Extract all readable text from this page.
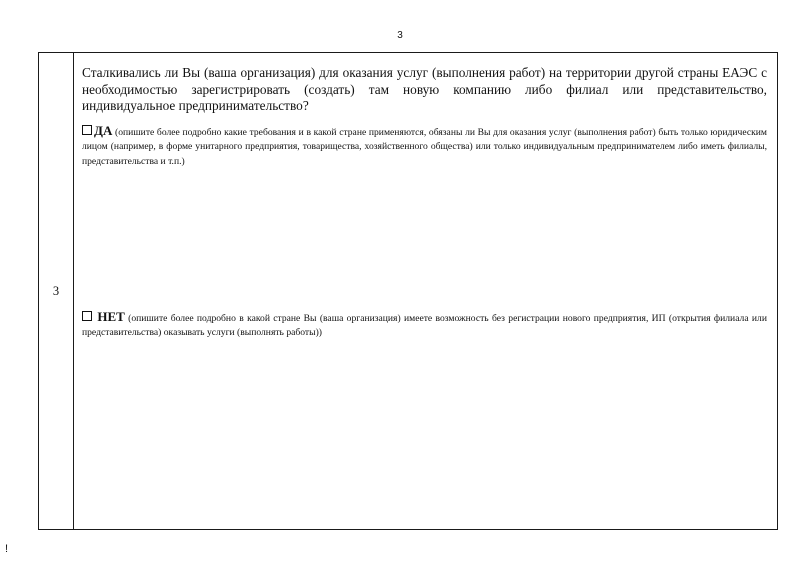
3
3	

Сталкивались ли Вы (ваша организация) для оказания услуг (выполнения работ) на территории другой страны ЕАЭС с необходимостью зарегистрировать (создать) там новую компанию либо филиал или представительство, индивидуальное предпринимательство?

ДА (опишите более подробно какие требования и в какой стране применяются, обязаны ли Вы для оказания услуг (выполнения работ) быть только юридическим лицом (например, в форме унитарного предприятия, товарищества, хозяйственного общества) или только индивидуальным предпринимателем либо иметь филиалы, представительства и т.п.)

НЕТ (опишите более подробно в какой стране Вы (ваша организация) имеете возможность без регистрации нового предприятия, ИП (открытия филиала или представительства) оказывать услуги (выполнять работы))

!
